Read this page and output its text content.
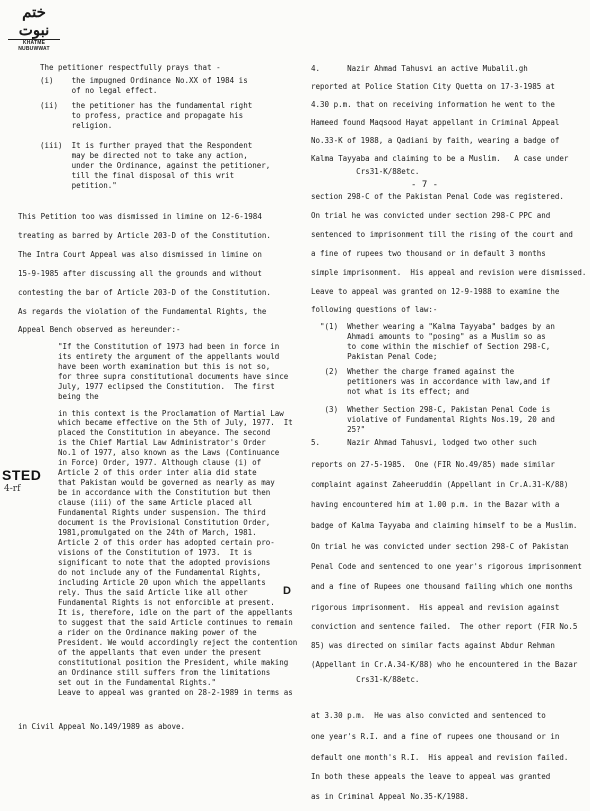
ختم نبوت
KHATME NUBUWWAT
STED
4-rf
- 7 -
D
The petitioner respectfully prays that -
(i)    the impugned Ordinance No.XX of 1984 is
of no legal effect.
(ii)   the petitioner has the fundamental right
to profess, practice and propagate his
religion.
(iii)  It is further prayed that the Respondent
may be directed not to take any action,
under the Ordinance, against the petitioner,
till the final disposal of this writ
petition."
This Petition too was dismissed in limine on 12-6-1984
treating as barred by Article 203-D of the Constitution.
The Intra Court Appeal was also dismissed in limine on
15-9-1985 after discussing all the grounds and without
contesting the bar of Article 203-D of the Constitution.
As regards the violation of the Fundamental Rights, the
Appeal Bench observed as hereunder:-
"If the Constitution of 1973 had been in force in
its entirety the argument of the appellants would
have been worth examination but this is not so,
for three supra constitutional documents have since
July, 1977 eclipsed the Constitution.  The first
being the
in this context is the Proclamation of Martial Law
which became effective on the 5th of July, 1977.  It
placed the Constitution in abeyance. The second
is the Chief Martial Law Administrator's Order
No.1 of 1977, also known as the Laws (Continuance
in Force) Order, 1977. Although clause (i) of
Article 2 of this order inter alia did state
that Pakistan would be governed as nearly as may
be in accordance with the Constitution but then
clause (iii) of the same Article placed all
Fundamental Rights under suspension. The third
document is the Provisional Constitution Order,
1981,promulgated on the 24th of March, 1981.
Article 2 of this order has adopted certain pro-
visions of the Constitution of 1973.  It is
significant to note that the adopted provisions
do not include any of the Fundamental Rights,
including Article 20 upon which the appellants
rely. Thus the said Article like all other
Fundamental Rights is not enforcible at present.
It is, therefore, idle on the part of the appellants
to suggest that the said Article continues to remain
a rider on the Ordinance making power of the
President. We would accordingly reject the contention
of the appellants that even under the present
constitutional position the President, while making
an Ordinance still suffers from the limitations
set out in the Fundamental Rights."
Leave to appeal was granted on 28-2-1989 in terms as
in Civil Appeal No.149/1989 as above.
4.      Nazir Ahmad Tahusvi an active Mubalil.gh
reported at Police Station City Quetta on 17-3-1985 at
4.30 p.m. that on receiving information he went to the
Hameed found Maqsood Hayat appellant in Criminal Appeal
No.33-K of 1988, a Qadiani by faith, wearing a badge of
Kalma Tayyaba and claiming to be a Muslim.   A case under
Crs31-K/88etc.
section 298-C of the Pakistan Penal Code was registered.
On trial he was convicted under section 298-C PPC and
sentenced to imprisonment till the rising of the court and
a fine of rupees two thousand or in default 3 months
simple imprisonment.  His appeal and revision were dismissed.
Leave to appeal was granted on 12-9-1988 to examine the
following questions of law:-
"(1)  Whether wearing a "Kalma Tayyaba" badges by an
Ahmadi amounts to "posing" as a Muslim so as
to come within the mischief of Section 298-C,
Pakistan Penal Code;
(2)  Whether the charge framed against the
petitioners was in accordance with law,and if
not what is its effect; and
(3)  Whether Section 298-C, Pakistan Penal Code is
violative of Fundamental Rights Nos.19, 20 and
25?"
5.      Nazir Ahmad Tahusvi, lodged two other such
reports on 27-5-1985.  One (FIR No.49/85) made similar
complaint against Zaheeruddin (Appellant in Cr.A.31-K/88)
having encountered him at 1.00 p.m. in the Bazar with a
badge of Kalma Tayyaba and claiming himself to be a Muslim.
On trial he was convicted under section 298-C of Pakistan
Penal Code and sentenced to one year's rigorous imprisonment
and a fine of Rupees one thousand failing which one months
rigorous imprisonment.  His appeal and revision against
conviction and sentence failed.  The other report (FIR No.5
85) was directed on similar facts against Abdur Rehman
(Appellant in Cr.A.34-K/88) who he encountered in the Bazar
Crs31-K/88etc.
at 3.30 p.m.  He was also convicted and sentenced to
one year's R.I. and a fine of rupees one thousand or in
default one month's R.I.  His appeal and revision failed.
In both these appeals the leave to appeal was granted
as in Criminal Appeal No.35-K/1988.
